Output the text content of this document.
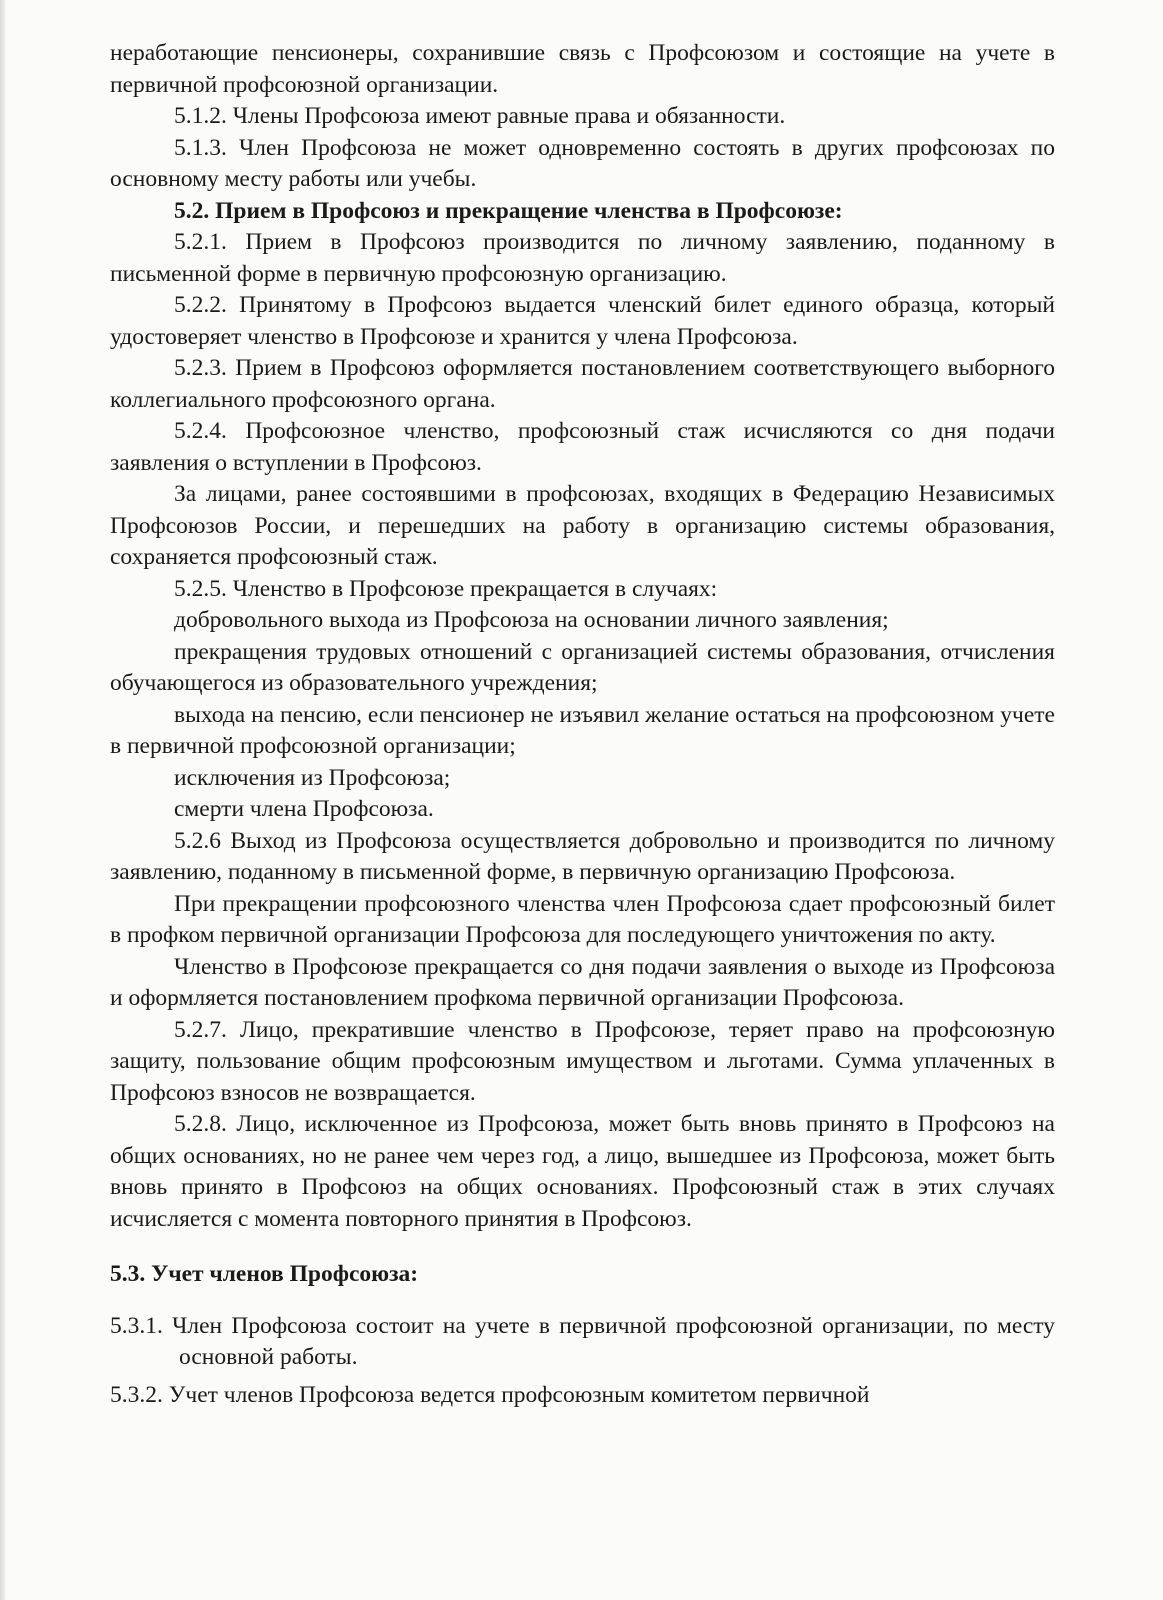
неработающие пенсионеры, сохранившие связь с Профсоюзом и состоящие на учете в первичной профсоюзной организации.

5.1.2. Члены Профсоюза имеют равные права и обязанности.

5.1.3. Член Профсоюза не может одновременно состоять в других профсоюзах по основному месту работы или учебы.

5.2. Прием в Профсоюз и прекращение членства в Профсоюзе:

5.2.1. Прием в Профсоюз производится по личному заявлению, поданному в письменной форме в первичную профсоюзную организацию.

5.2.2. Принятому в Профсоюз выдается членский билет единого образца, который удостоверяет членство в Профсоюзе и хранится у члена Профсоюза.

5.2.3. Прием в Профсоюз оформляется постановлением соответствующего выборного коллегиального профсоюзного органа.

5.2.4. Профсоюзное членство, профсоюзный стаж исчисляются со дня подачи заявления о вступлении в Профсоюз.

За лицами, ранее состоявшими в профсоюзах, входящих в Федерацию Независимых Профсоюзов России, и перешедших на работу в организацию системы образования, сохраняется профсоюзный стаж.

5.2.5. Членство в Профсоюзе прекращается в случаях:

добровольного выхода из Профсоюза на основании личного заявления;

прекращения трудовых отношений с организацией системы образования, отчисления обучающегося из образовательного учреждения;

выхода на пенсию, если пенсионер не изъявил желание остаться на профсоюзном учете в первичной профсоюзной организации;

исключения из Профсоюза;

смерти члена Профсоюза.

5.2.6 Выход из Профсоюза осуществляется добровольно и производится по личному заявлению, поданному в письменной форме, в первичную организацию Профсоюза.

При прекращении профсоюзного членства член Профсоюза сдает профсоюзный билет в профком первичной организации Профсоюза для последующего уничтожения по акту.

Членство в Профсоюзе прекращается со дня подачи заявления о выходе из Профсоюза и оформляется постановлением профкома первичной организации Профсоюза.

5.2.7. Лицо, прекратившие членство в Профсоюзе, теряет право на профсоюзную защиту, пользование общим профсоюзным имуществом и льготами. Сумма уплаченных в Профсоюз взносов не возвращается.

5.2.8. Лицо, исключенное из Профсоюза, может быть вновь принято в Профсоюз на общих основаниях, но не ранее чем через год, а лицо, вышедшее из Профсоюза, может быть вновь принято в Профсоюз на общих основаниях. Профсоюзный стаж в этих случаях исчисляется с момента повторного принятия в Профсоюз.

5.3. Учет членов Профсоюза:

5.3.1. Член Профсоюза состоит на учете в первичной профсоюзной организации, по месту основной работы.

5.3.2. Учет членов Профсоюза ведется профсоюзным комитетом первичной
